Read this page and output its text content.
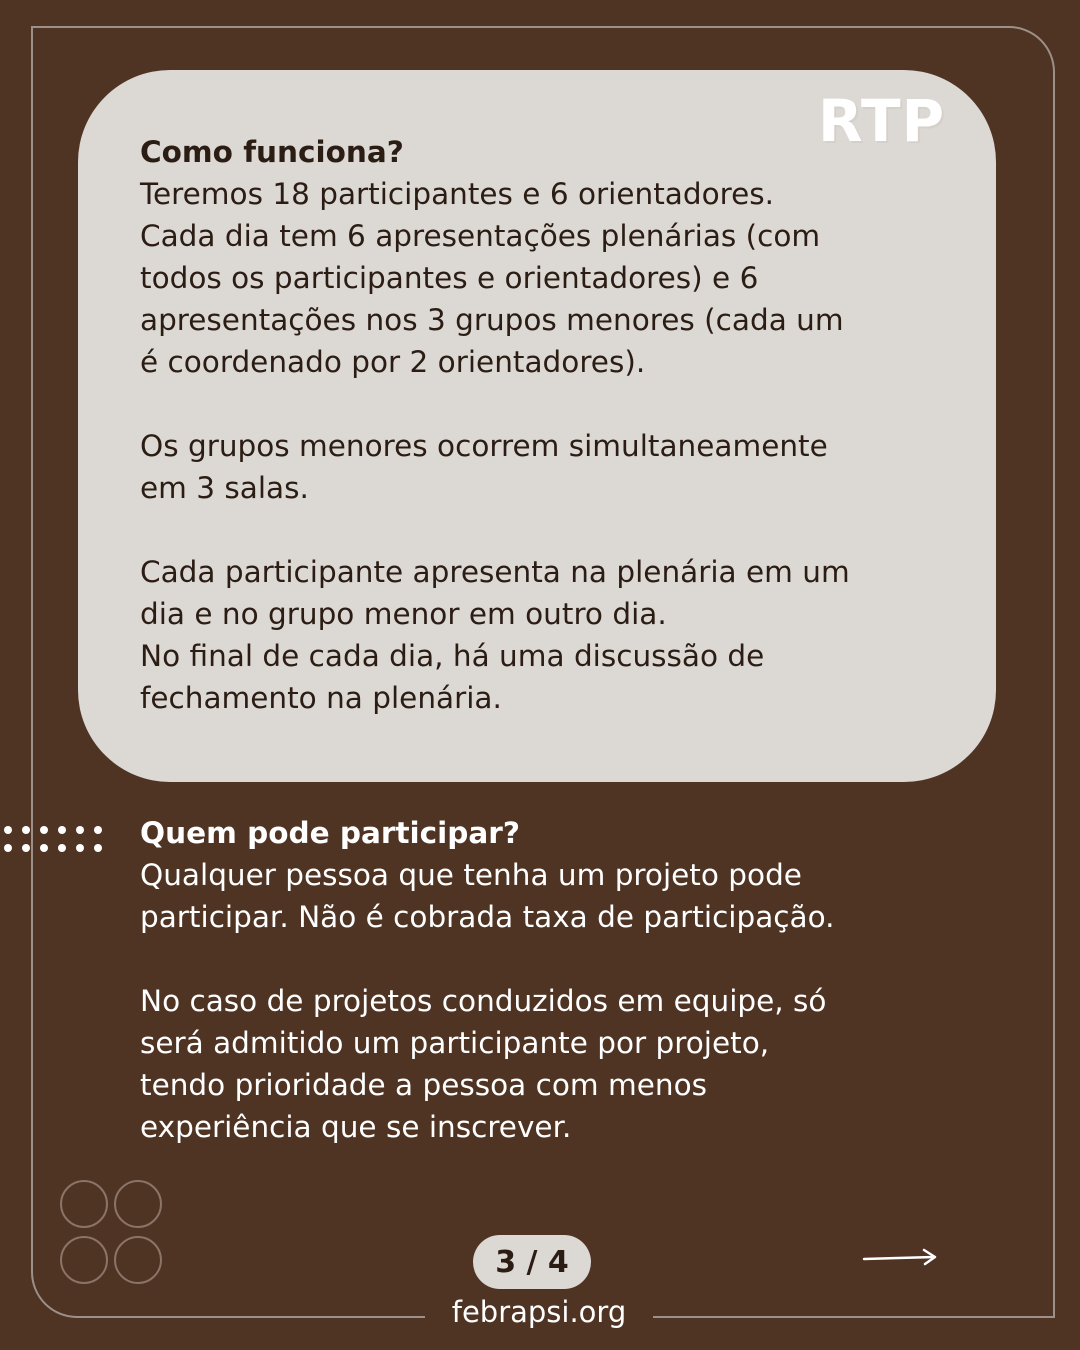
RTP

Como funciona?

Teremos 18 participantes e 6 orientadores.
Cada dia tem 6 apresentações plenárias (com
todos os participantes e orientadores) e 6
apresentações nos 3 grupos menores (cada um
é coordenado por 2 orientadores).

Os grupos menores ocorrem simultaneamente
em 3 salas.

Cada participante apresenta na plenária em um
dia e no grupo menor em outro dia.
No final de cada dia, há uma discussão de
fechamento na plenária.

Quem pode participar?

Qualquer pessoa que tenha um projeto pode
participar. Não é cobrada taxa de participação.

No caso de projetos conduzidos em equipe, só
será admitido um participante por projeto,
tendo prioridade a pessoa com menos
experiência que se inscrever.

3 / 4
febrapsi.org
